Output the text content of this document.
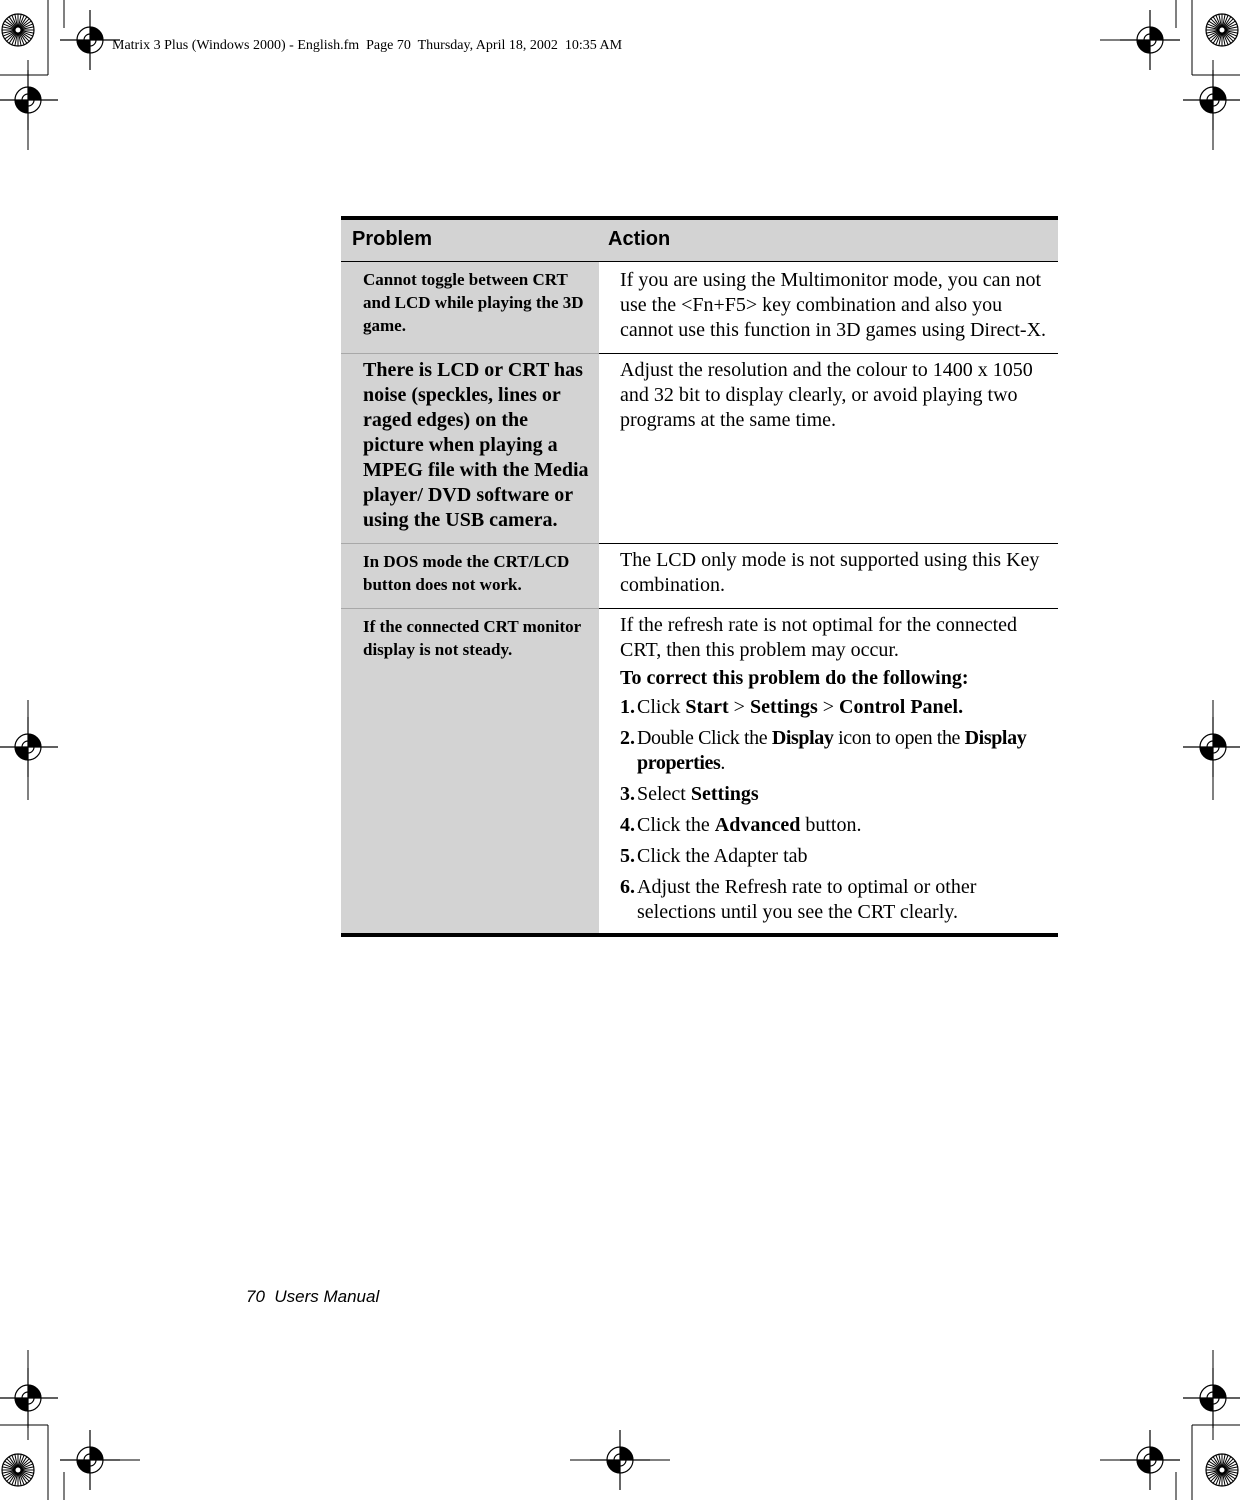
Matrix 3 Plus (Windows 2000) - English.fm  Page 70  Thursday, April 18, 2002  10:35 AM
Problem	Action
Cannot toggle between CRT and LCD while playing the 3D game.
If you are using the Multimonitor mode, you can not use the <Fn+F5> key combination and also you cannot use this function in 3D games using Direct-X.
There is LCD or CRT has noise (speckles, lines or raged edges) on the picture when playing a MPEG file with the Media player/ DVD software or using the USB camera.
Adjust the resolution and the colour to 1400 x 1050 and 32 bit to display clearly, or avoid playing two programs at the same time.
In DOS mode the CRT/LCD button does not work.
The LCD only mode is not supported using this Key combination.
If the connected CRT monitor display is not steady.

If the refresh rate is not optimal for the connected CRT, then this problem may occur.

To correct this problem do the following:

1. Click Start > Settings > Control Panel.
2. Double Click the Display icon to open the Display properties.
3. Select Settings
4. Click the Advanced button.
5. Click the Adapter tab
6. Adjust the Refresh rate to optimal or other selections until you see the CRT clearly.
70  Users Manual
